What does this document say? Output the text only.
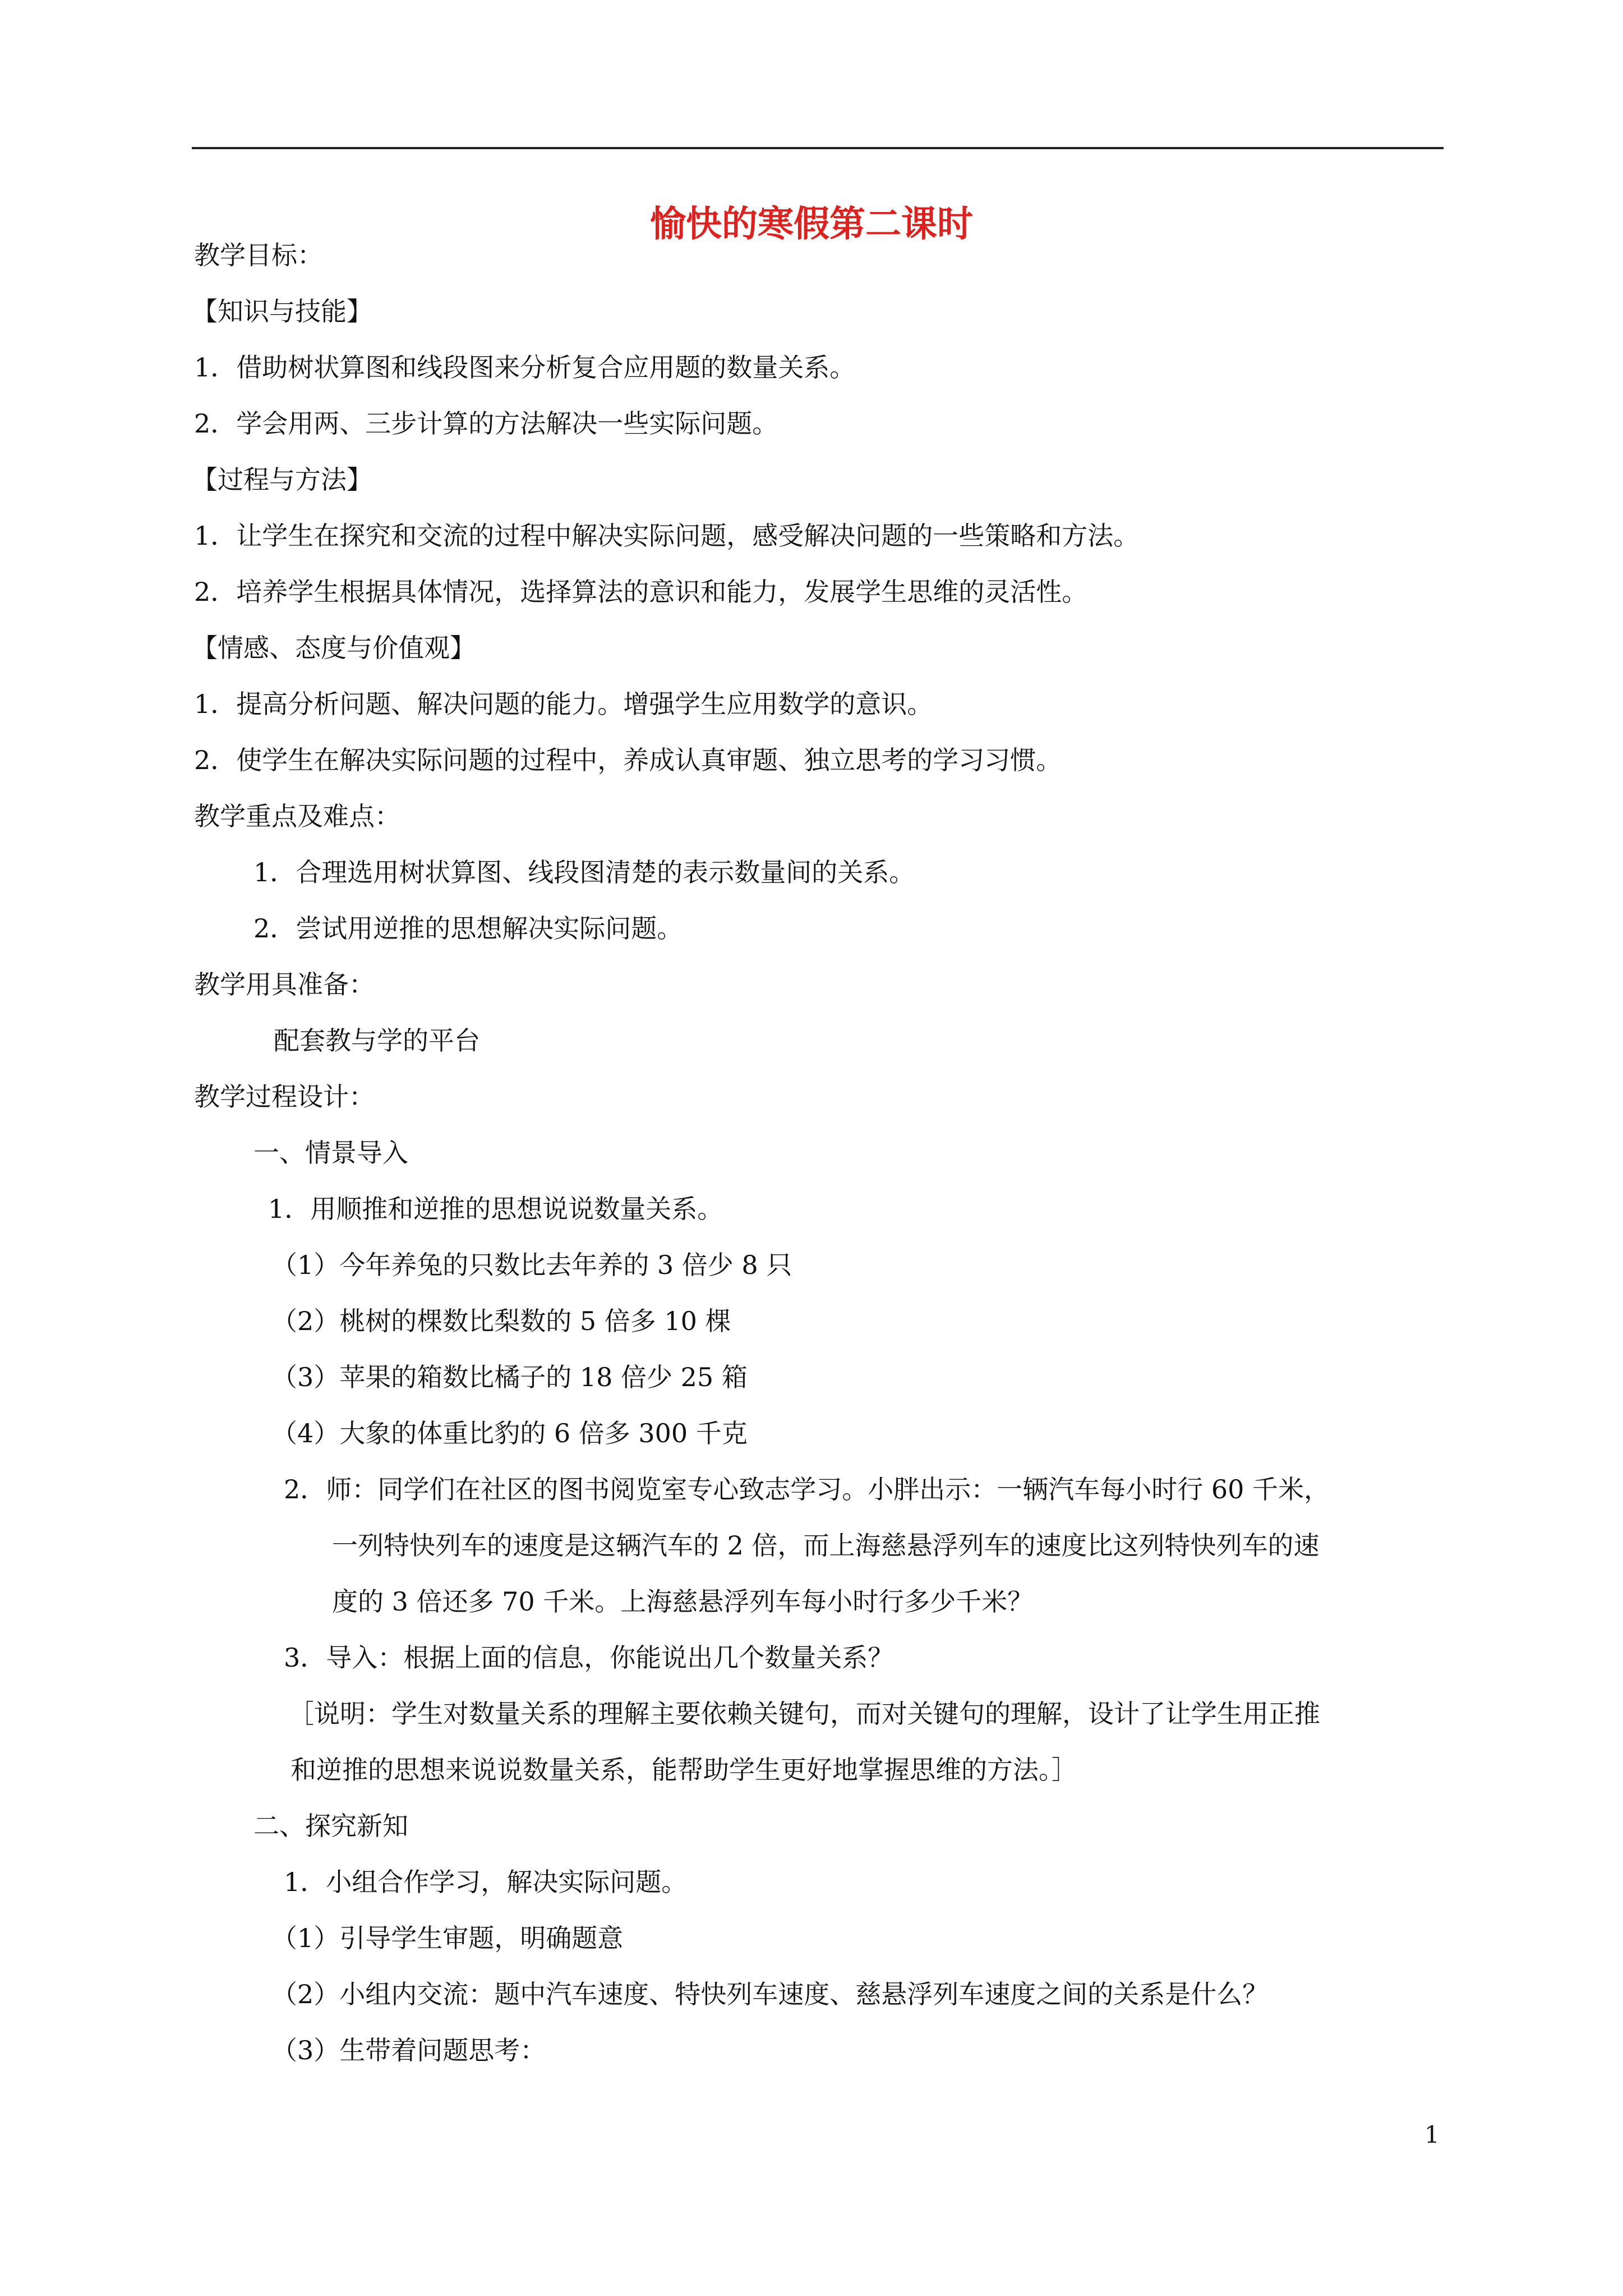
愉快的寒假第二课时

教学目标：

【知识与技能】

1．借助树状算图和线段图来分析复合应用题的数量关系。

2．学会用两、三步计算的方法解决一些实际问题。

【过程与方法】

1．让学生在探究和交流的过程中解决实际问题，感受解决问题的一些策略和方法。

2．培养学生根据具体情况，选择算法的意识和能力，发展学生思维的灵活性。

【情感、态度与价值观】

1．提高分析问题、解决问题的能力。增强学生应用数学的意识。

2．使学生在解决实际问题的过程中，养成认真审题、独立思考的学习习惯。

教学重点及难点：

1．合理选用树状算图、线段图清楚的表示数量间的关系。

2．尝试用逆推的思想解决实际问题。

教学用具准备：

配套教与学的平台

教学过程设计：

一、情景导入

1．用顺推和逆推的思想说说数量关系。

（1）今年养兔的只数比去年养的 3 倍少 8 只

（2）桃树的棵数比梨数的 5 倍多 10 棵

（3）苹果的箱数比橘子的 18 倍少 25 箱

（4）大象的体重比豹的 6 倍多 300 千克

2．师：同学们在社区的图书阅览室专心致志学习。小胖出示：一辆汽车每小时行 60 千米，

一列特快列车的速度是这辆汽车的 2 倍，而上海慈悬浮列车的速度比这列特快列车的速

度的 3 倍还多 70 千米。上海慈悬浮列车每小时行多少千米？

3．导入：根据上面的信息，你能说出几个数量关系？

［说明：学生对数量关系的理解主要依赖关键句，而对关键句的理解，设计了让学生用正推

和逆推的思想来说说数量关系，能帮助学生更好地掌握思维的方法。］

二、探究新知

1．小组合作学习，解决实际问题。

（1）引导学生审题，明确题意

（2）小组内交流：题中汽车速度、特快列车速度、慈悬浮列车速度之间的关系是什么？

（3）生带着问题思考：

1
